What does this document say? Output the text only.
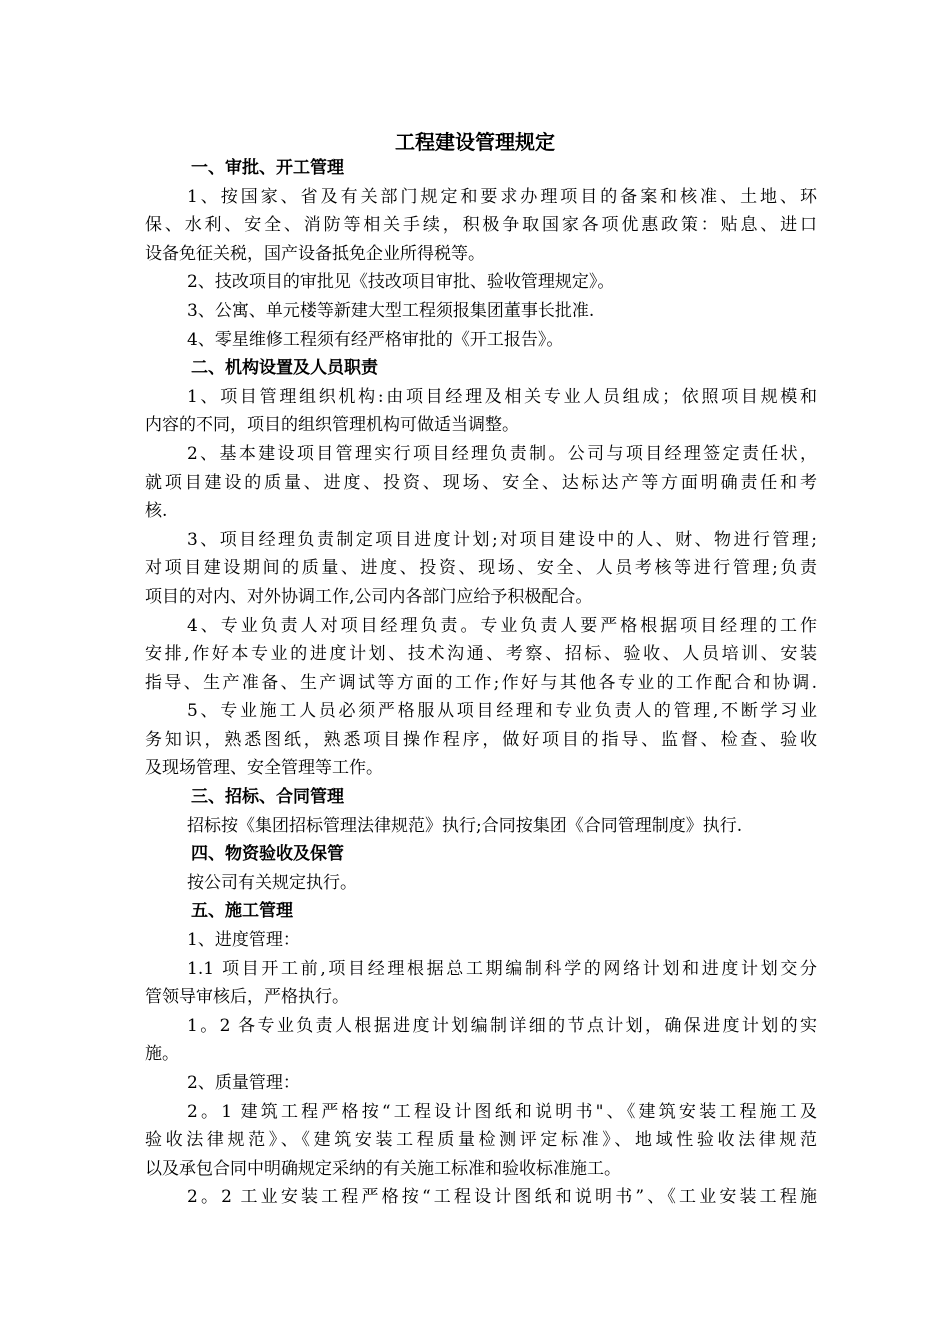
工程建设管理规定
一、审批、开工管理
1、按国家、省及有关部门规定和要求办理项目的备案和核准、土地、环
保、水利、安全、消防等相关手续，积极争取国家各项优惠政策：贴息、进口
设备免征关税，国产设备抵免企业所得税等。
2、技改项目的审批见《技改项目审批、验收管理规定》。
3、公寓、单元楼等新建大型工程须报集团董事长批准.
4、零星维修工程须有经严格审批的《开工报告》。
二、机构设置及人员职责
1、项目管理组织机构:由项目经理及相关专业人员组成；依照项目规模和
内容的不同，项目的组织管理机构可做适当调整。
2、基本建设项目管理实行项目经理负责制。公司与项目经理签定责任状，
就项目建设的质量、进度、投资、现场、安全、达标达产等方面明确责任和考
核.
3、项目经理负责制定项目进度计划;对项目建设中的人、财、物进行管理;
对项目建设期间的质量、进度、投资、现场、安全、人员考核等进行管理;负责
项目的对内、对外协调工作,公司内各部门应给予积极配合。
4、专业负责人对项目经理负责。专业负责人要严格根据项目经理的工作
安排,作好本专业的进度计划、技术沟通、考察、招标、验收、人员培训、安装
指导、生产准备、生产调试等方面的工作;作好与其他各专业的工作配合和协调.
5、专业施工人员必须严格服从项目经理和专业负责人的管理,不断学习业
务知识，熟悉图纸，熟悉项目操作程序，做好项目的指导、监督、检查、验收
及现场管理、安全管理等工作。
三、招标、合同管理
招标按《集团招标管理法律规范》执行;合同按集团《合同管理制度》执行.
四、物资验收及保管
按公司有关规定执行。
五、施工管理
1、进度管理：
1.1 项目开工前,项目经理根据总工期编制科学的网络计划和进度计划交分
管领导审核后，严格执行。
1。2 各专业负责人根据进度计划编制详细的节点计划，确保进度计划的实
施。
2、质量管理：
2。1 建筑工程严格按“工程设计图纸和说明书"、《建筑安装工程施工及
验收法律规范》、《建筑安装工程质量检测评定标准》、地域性验收法律规范
以及承包合同中明确规定采纳的有关施工标准和验收标准施工。
2。2 工业安装工程严格按“工程设计图纸和说明书”、《工业安装工程施
